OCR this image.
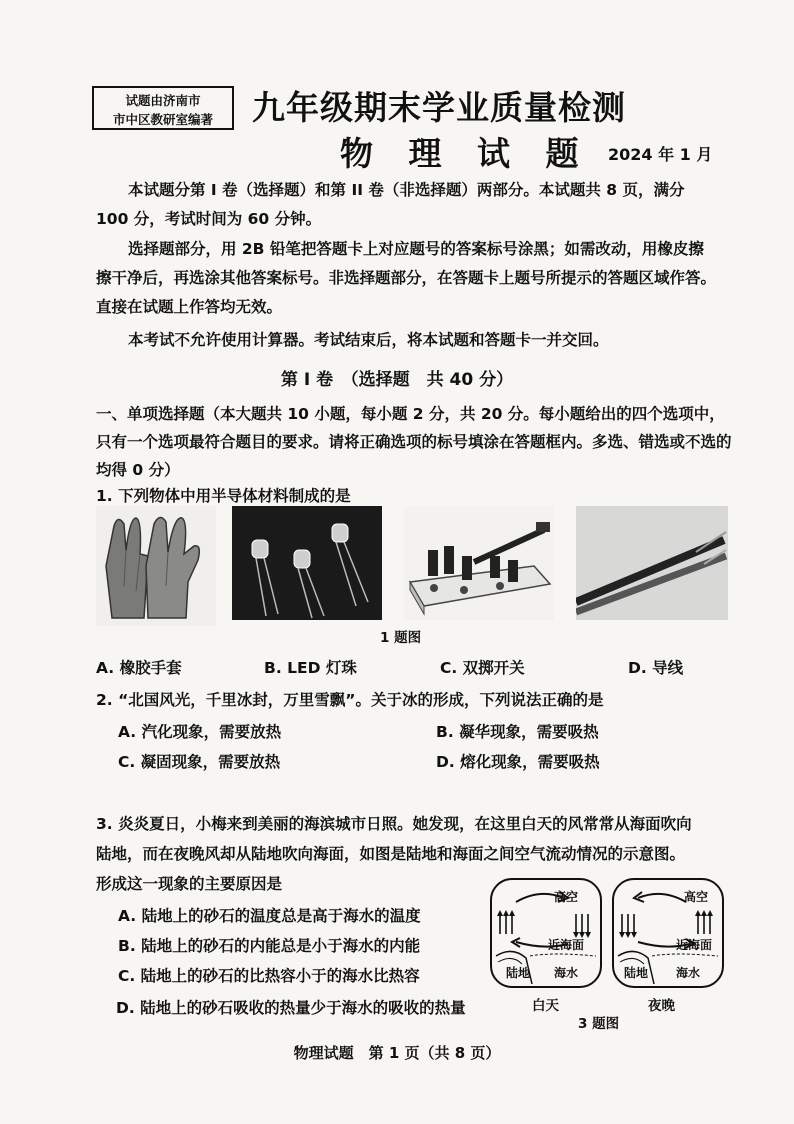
试题由济南市
市中区教研室编著	九年级期末学业质量检测
物 理 试 题 2024 年 1 月
本试题分第 I 卷（选择题）和第 II 卷（非选择题）两部分。本试题共 8 页，满分 100 分，考试时间为 60 分钟。
选择题部分，用 2B 铅笔把答题卡上对应题号的答案标号涂黑；如需改动，用橡皮擦擦干净后，再选涂其他答案标号。非选择题部分，在答题卡上题号所提示的答题区域作答。直接在试题上作答均无效。
本考试不允许使用计算器。考试结束后，将本试题和答题卡一并交回。
第 I 卷　（选择题　共 40 分）
一、单项选择题（本大题共 10 小题，每小题 2 分，共 20 分。每小题给出的四个选项中，只有一个选项最符合题目的要求。请将正确选项的标号填涂在答题框内。多选、错选或不选的均得 0 分）
1. 下列物体中用半导体材料制成的是
1 题图
A. 橡胶手套	B. LED 灯珠	C. 双掷开关	D. 导线
2. “北国风光，千里冰封，万里雪飘”。关于冰的形成，下列说法正确的是
A. 汽化现象，需要放热	B. 凝华现象，需要吸热
C. 凝固现象，需要放热	D. 熔化现象，需要吸热
3. 炎炎夏日，小梅来到美丽的海滨城市日照。她发现，在这里白天的风常常从海面吹向
陆地，而在夜晚风却从陆地吹向海面，如图是陆地和海面之间空气流动情况的示意图。
形成这一现象的主要原因是
A. 陆地上的砂石的温度总是高于海水的温度
B. 陆地上的砂石的内能总是小于海水的内能
C. 陆地上的砂石的比热容小于的海水比热容
D. 陆地上的砂石吸收的热量少于海水的吸收的热量
高空
近海面
陆地 海水
高空
近海面
陆地 海水
白天	夜晚
3 题图
物理试题　第 1 页（共 8 页）
